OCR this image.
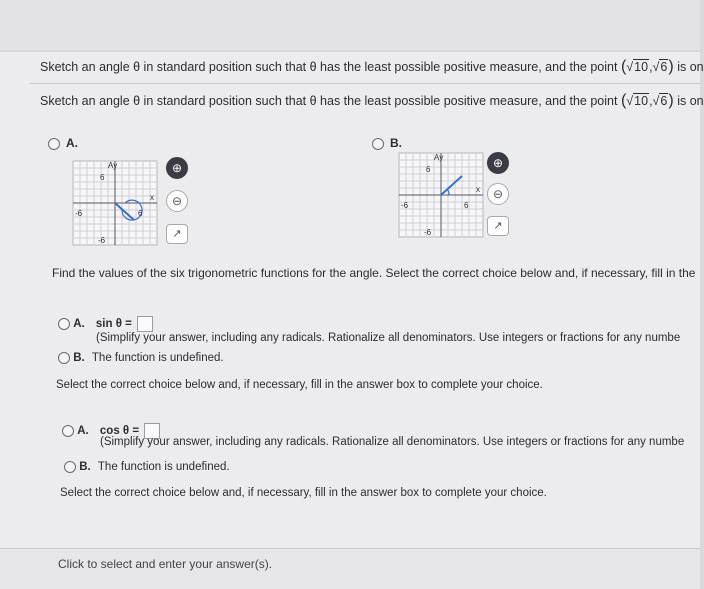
Sketch an angle θ in standard position such that θ has the least possible positive measure, and the point (√10,√6) is on
Sketch an angle θ in standard position such that θ has the least possible positive measure, and the point (√10,√6) is on
A.	B.
Ay
6
x
-6	6
-6
⊕
⊖
↗
Ay
6
x
-6	6
-6
⊕
⊖
↗
Find the values of the six trigonometric functions for the angle. Select the correct choice below and, if necessary, fill in the
A. sin θ =
(Simplify your answer, including any radicals. Rationalize all denominators. Use integers or fractions for any numbe
B. The function is undefined.
Select the correct choice below and, if necessary, fill in the answer box to complete your choice.
A. cos θ =
(Simplify your answer, including any radicals. Rationalize all denominators. Use integers or fractions for any numbe
B. The function is undefined.
Select the correct choice below and, if necessary, fill in the answer box to complete your choice.
Click to select and enter your answer(s).
